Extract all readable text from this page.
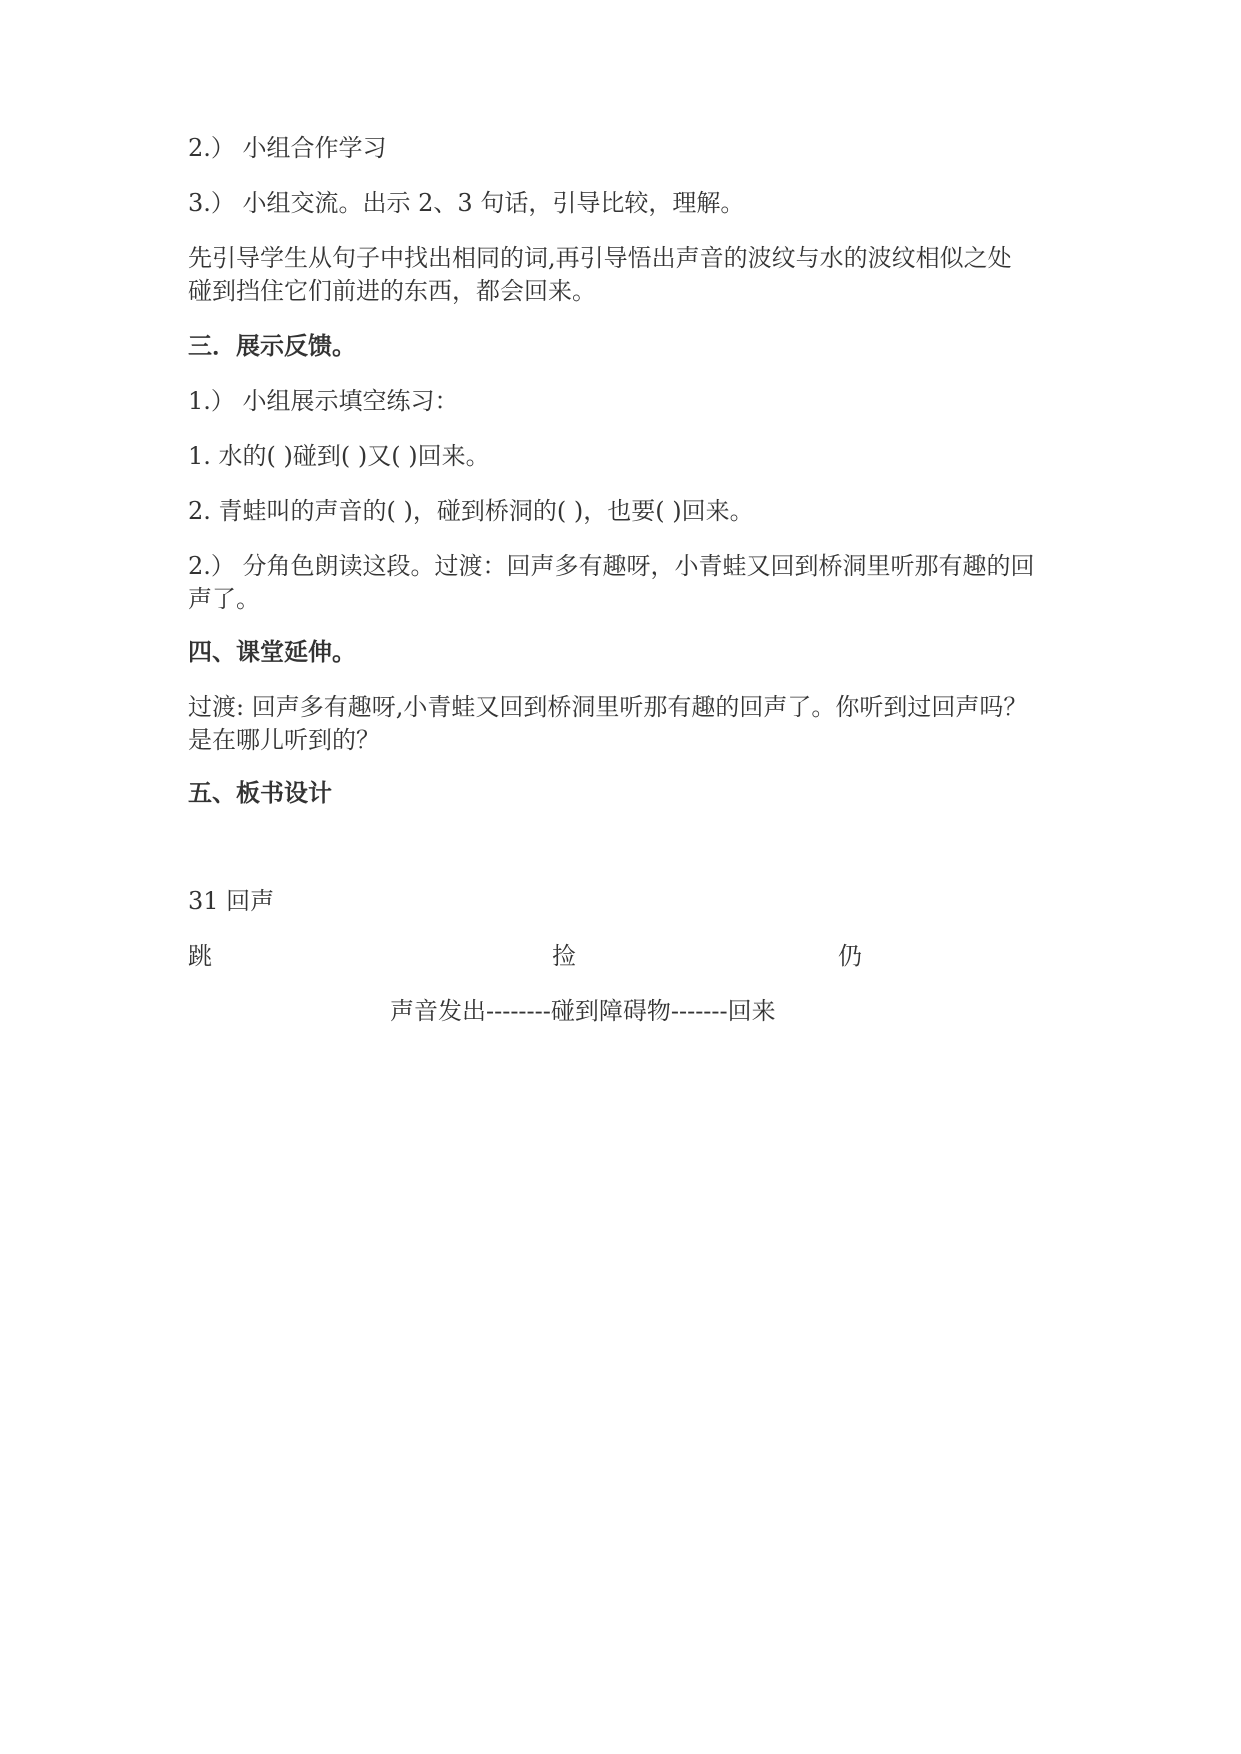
2.） 小组合作学习
3.） 小组交流。出示 2、3 句话，引导比较，理解。
先引导学生从句子中找出相同的词,再引导悟出声音的波纹与水的波纹相似之处
碰到挡住它们前进的东西，都会回来。
三．展示反馈。
1.） 小组展示填空练习：
1. 水的( )碰到( )又( )回来。
2. 青蛙叫的声音的( )，碰到桥洞的( )，也要( )回来。
2.） 分角色朗读这段。过渡：回声多有趣呀，小青蛙又回到桥洞里听那有趣的回
声了。
四、课堂延伸。
过渡: 回声多有趣呀,小青蛙又回到桥洞里听那有趣的回声了。你听到过回声吗？
是在哪儿听到的？
五、板书设计
31 回声
跳	捡	仍
声音发出--------碰到障碍物-------回来
